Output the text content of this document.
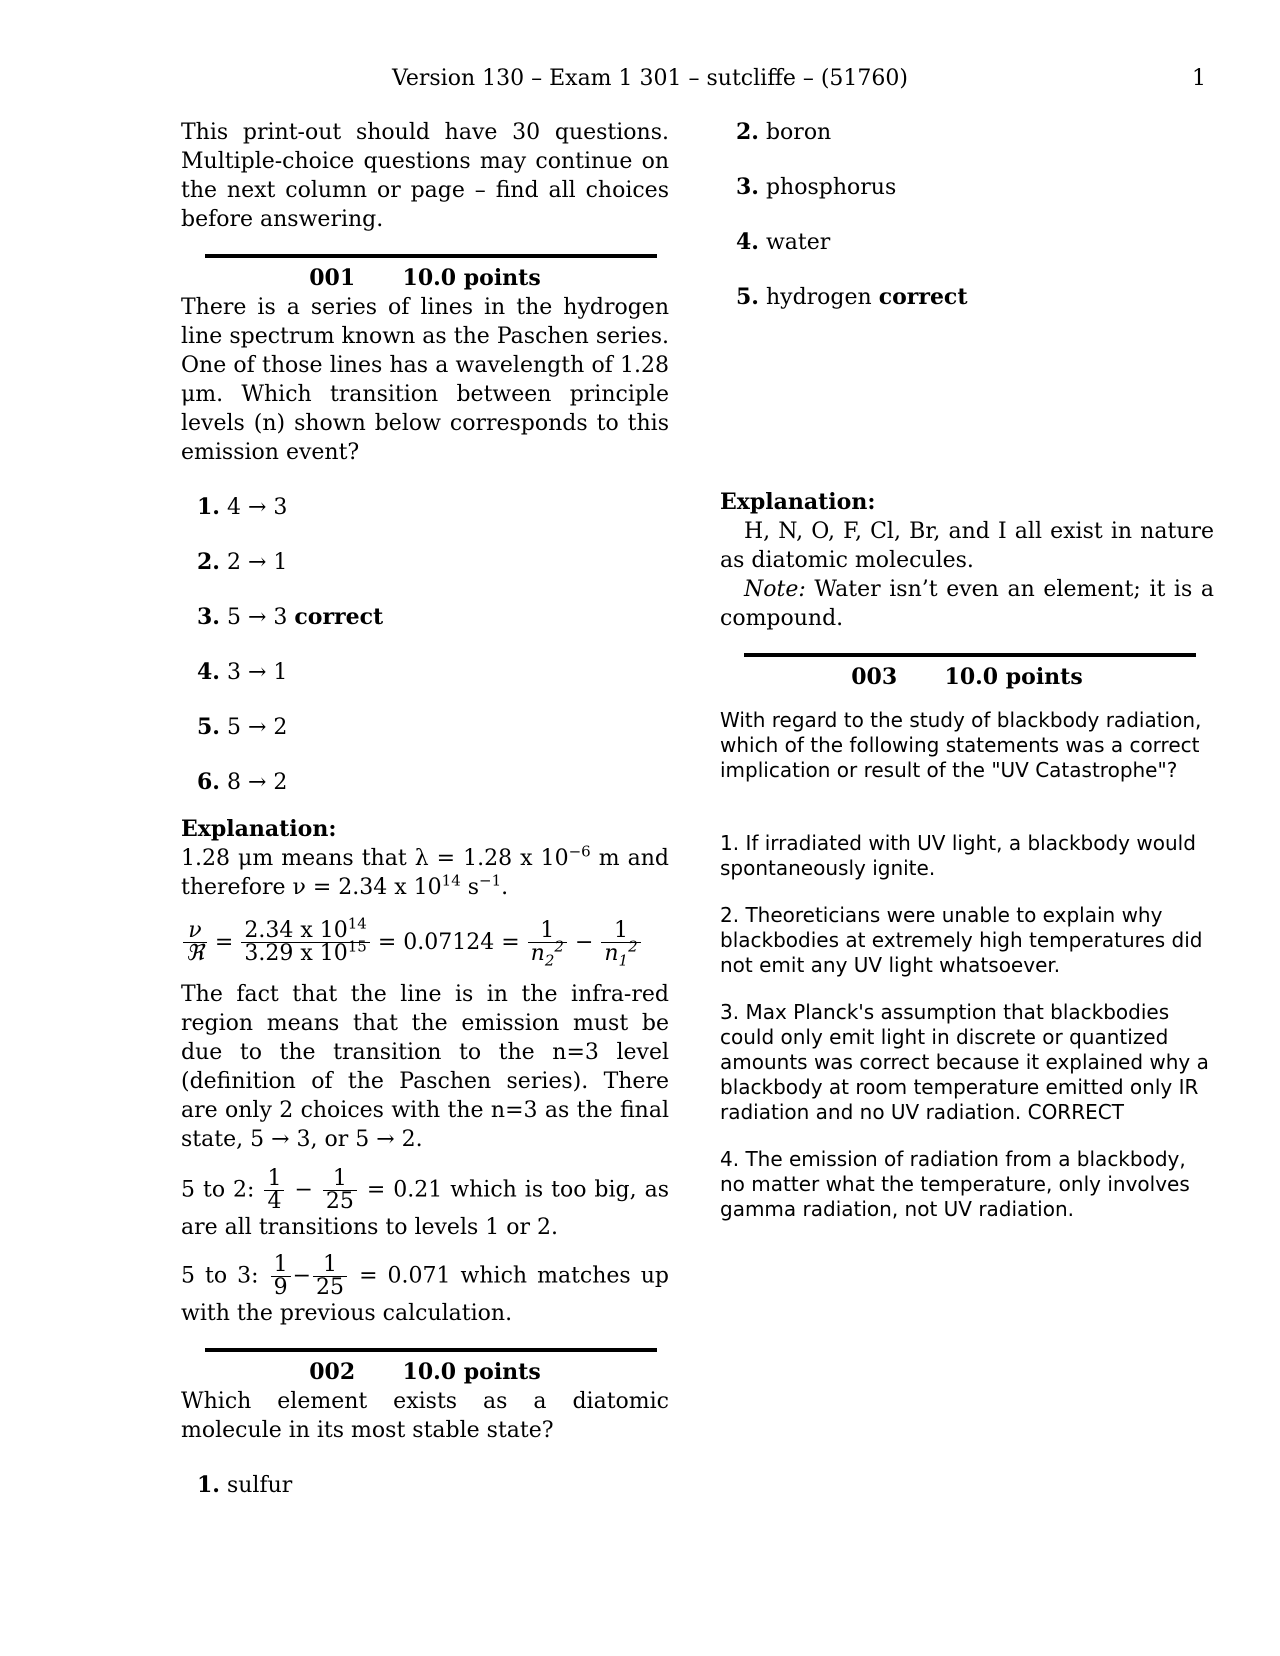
Version 130 – Exam 1 301 – sutcliffe – (51760)	1
This print-out should have 30 questions. Multiple-choice questions may continue on the next column or page – find all choices before answering.
001 10.0 points
There is a series of lines in the hydrogen line spectrum known as the Paschen series. One of those lines has a wavelength of 1.28 μm. Which transition between principle levels (n) shown below corresponds to this emission event?
1. 4 → 3
2. 2 → 1
3. 5 → 3 correct
4. 3 → 1
5. 5 → 2
6. 8 → 2
Explanation:
1.28 μm means that λ = 1.28 x $10^{-6}$ m and therefore ν = 2.34 x $10^{14}$ $s^{-1}$.
$\frac{\nu}{\text{ℜ}} = \frac{2.34 x 10^{14}}{3.29 x 10^{15}} = 0.07124 = \frac{1}{n_2^2} - \frac{1}{n_1^2}$
The fact that the line is in the infra-red region means that the emission must be due to the transition to the n=3 level (definition of the Paschen series). There are only 2 choices with the n=3 as the final state, 5 → 3, or 5 → 2.
5 to 2: $\frac{1}{4} - \frac{1}{25} = 0.21$ which is too big, as are all transitions to levels 1 or 2.
5 to 3: $\frac{1}{9} - \frac{1}{25} = 0.071$ which matches up with the previous calculation.
002 10.0 points
Which element exists as a diatomic molecule in its most stable state?
1. sulfur
2. boron
3. phosphorus
4. water
5. hydrogen correct
Explanation:
H, N, O, F, Cl, Br, and I all exist in nature as diatomic molecules.
Note: Water isn’t even an element; it is a compound.
003 10.0 points
With regard to the study of blackbody radiation, which of the following statements was a correct implication or result of the "UV Catastrophe"?
1. If irradiated with UV light, a blackbody would spontaneously ignite.
2. Theoreticians were unable to explain why blackbodies at extremely high temperatures did not emit any UV light whatsoever.
3. Max Planck's assumption that blackbodies could only emit light in discrete or quantized amounts was correct because it explained why a blackbody at room temperature emitted only IR radiation and no UV radiation. CORRECT
4. The emission of radiation from a blackbody, no matter what the temperature, only involves gamma radiation, not UV radiation.
